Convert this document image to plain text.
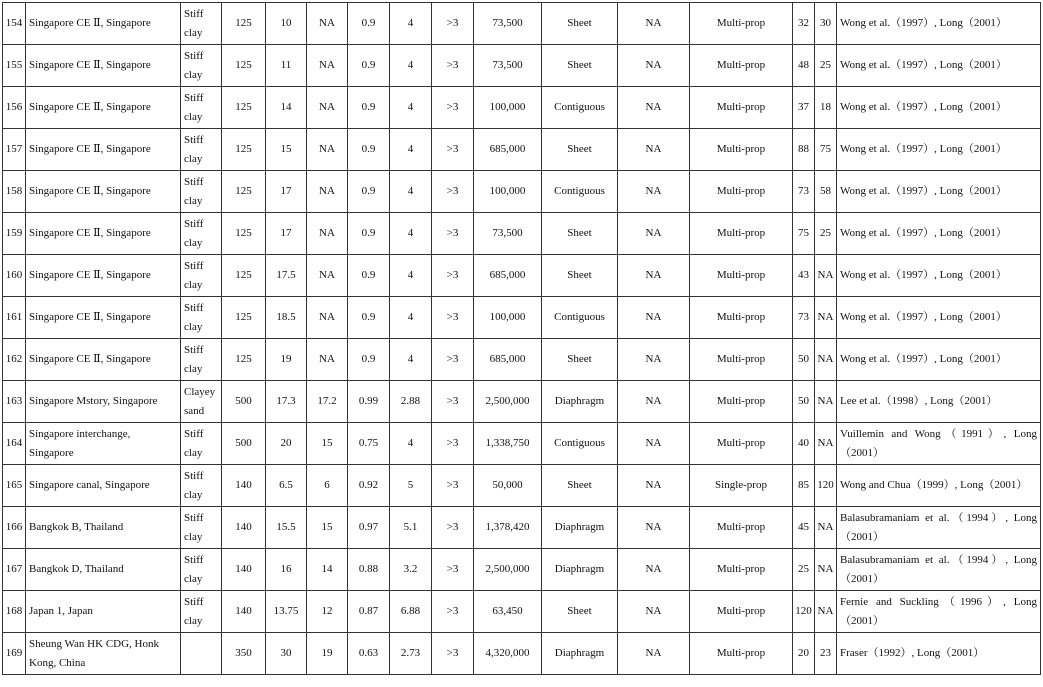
154	Singapore CE Ⅱ, Singapore	Stiff clay	125	10	NA	0.9	4	>3	73,500	Sheet	NA	Multi-prop	32	30	Wong et al.（1997）, Long（2001）
155	Singapore CE Ⅱ, Singapore	Stiff clay	125	11	NA	0.9	4	>3	73,500	Sheet	NA	Multi-prop	48	25	Wong et al.（1997）, Long（2001）
156	Singapore CE Ⅱ, Singapore	Stiff clay	125	14	NA	0.9	4	>3	100,000	Contiguous	NA	Multi-prop	37	18	Wong et al.（1997）, Long（2001）
157	Singapore CE Ⅱ, Singapore	Stiff clay	125	15	NA	0.9	4	>3	685,000	Sheet	NA	Multi-prop	88	75	Wong et al.（1997）, Long（2001）
158	Singapore CE Ⅱ, Singapore	Stiff clay	125	17	NA	0.9	4	>3	100,000	Contiguous	NA	Multi-prop	73	58	Wong et al.（1997）, Long（2001）
159	Singapore CE Ⅱ, Singapore	Stiff clay	125	17	NA	0.9	4	>3	73,500	Sheet	NA	Multi-prop	75	25	Wong et al.（1997）, Long（2001）
160	Singapore CE Ⅱ, Singapore	Stiff clay	125	17.5	NA	0.9	4	>3	685,000	Sheet	NA	Multi-prop	43	NA	Wong et al.（1997）, Long（2001）
161	Singapore CE Ⅱ, Singapore	Stiff clay	125	18.5	NA	0.9	4	>3	100,000	Contiguous	NA	Multi-prop	73	NA	Wong et al.（1997）, Long（2001）
162	Singapore CE Ⅱ, Singapore	Stiff clay	125	19	NA	0.9	4	>3	685,000	Sheet	NA	Multi-prop	50	NA	Wong et al.（1997）, Long（2001）
163	Singapore Mstory, Singapore	Clayey sand	500	17.3	17.2	0.99	2.88	>3	2,500,000	Diaphragm	NA	Multi-prop	50	NA	Lee et al.（1998）, Long（2001）
164	Singapore interchange, Singapore	Stiff clay	500	20	15	0.75	4	>3	1,338,750	Contiguous	NA	Multi-prop	40	NA	Vuillemin and Wong（1991）, Long（2001）
165	Singapore canal, Singapore	Stiff clay	140	6.5	6	0.92	5	>3	50,000	Sheet	NA	Single-prop	85	120	Wong and Chua（1999）, Long（2001）
166	Bangkok B, Thailand	Stiff clay	140	15.5	15	0.97	5.1	>3	1,378,420	Diaphragm	NA	Multi-prop	45	NA	Balasubramaniam et al.（1994）, Long（2001）
167	Bangkok D, Thailand	Stiff clay	140	16	14	0.88	3.2	>3	2,500,000	Diaphragm	NA	Multi-prop	25	NA	Balasubramaniam et al.（1994）, Long（2001）
168	Japan 1, Japan	Stiff clay	140	13.75	12	0.87	6.88	>3	63,450	Sheet	NA	Multi-prop	120	NA	Fernie and Suckling（1996）, Long（2001）
169	Sheung Wan HK CDG, Honk Kong, China		350	30	19	0.63	2.73	>3	4,320,000	Diaphragm	NA	Multi-prop	20	23	Fraser（1992）, Long（2001）
